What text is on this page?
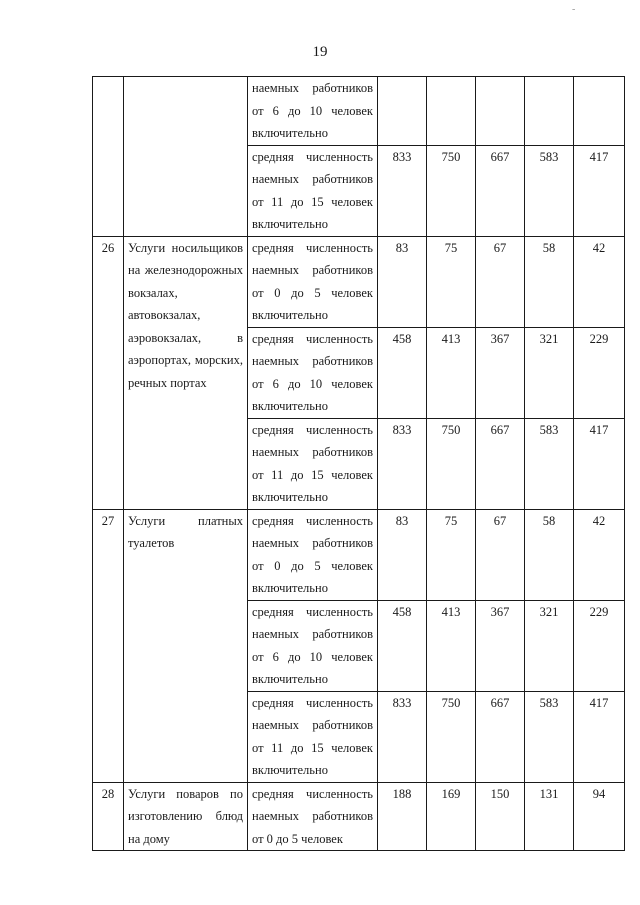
-
19
		наемных работников от 6 до 10 человек включительно					
		средняя численность наемных работников от 11 до 15 человек включительно	833	750	667	583	417
26	Услуги носильщиков на железнодорожных вокзалах, автовокзалах, аэровокзалах, в аэропортах, морских, речных портах	средняя численность наемных работников от 0 до 5 человек включительно	83	75	67	58	42
		средняя численность наемных работников от 6 до 10 человек включительно	458	413	367	321	229
		средняя численность наемных работников от 11 до 15 человек включительно	833	750	667	583	417
27	Услуги платных туалетов	средняя численность наемных работников от 0 до 5 человек включительно	83	75	67	58	42
		средняя численность наемных работников от 6 до 10 человек включительно	458	413	367	321	229
		средняя численность наемных работников от 11 до 15 человек включительно	833	750	667	583	417
28	Услуги поваров по изготовлению блюд на дому	средняя численность наемных работников от 0 до 5 человек	188	169	150	131	94
